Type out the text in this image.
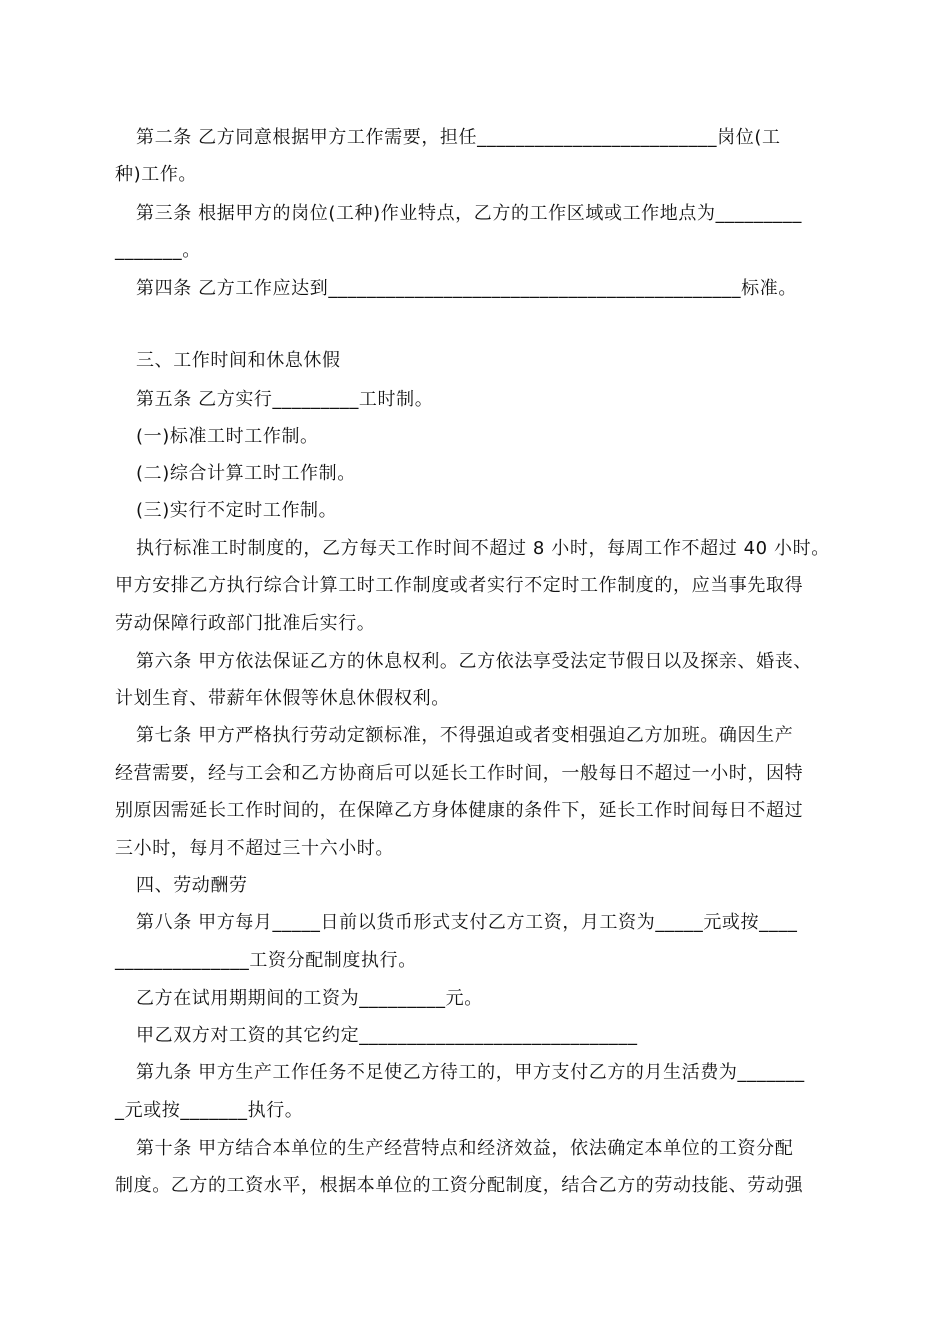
第二条 乙方同意根据甲方工作需要，担任_________________________岗位(工
种)工作。
第三条 根据甲方的岗位(工种)作业特点，乙方的工作区域或工作地点为_________
_______。
第四条 乙方工作应达到___________________________________________标准。
三、工作时间和休息休假
第五条 乙方实行_________工时制。
(一)标准工时工作制。
(二)综合计算工时工作制。
(三)实行不定时工作制。
执行标准工时制度的，乙方每天工作时间不超过 8 小时，每周工作不超过 40 小时。
甲方安排乙方执行综合计算工时工作制度或者实行不定时工作制度的，应当事先取得
劳动保障行政部门批准后实行。
第六条 甲方依法保证乙方的休息权利。乙方依法享受法定节假日以及探亲、婚丧、
计划生育、带薪年休假等休息休假权利。
第七条 甲方严格执行劳动定额标准，不得强迫或者变相强迫乙方加班。确因生产
经营需要，经与工会和乙方协商后可以延长工作时间，一般每日不超过一小时，因特
别原因需延长工作时间的，在保障乙方身体健康的条件下，延长工作时间每日不超过
三小时，每月不超过三十六小时。
四、劳动酬劳
第八条 甲方每月_____日前以货币形式支付乙方工资，月工资为_____元或按____
______________工资分配制度执行。
乙方在试用期期间的工资为_________元。
甲乙双方对工资的其它约定_____________________________
第九条 甲方生产工作任务不足使乙方待工的，甲方支付乙方的月生活费为_______
_元或按_______执行。
第十条 甲方结合本单位的生产经营特点和经济效益，依法确定本单位的工资分配
制度。乙方的工资水平，根据本单位的工资分配制度，结合乙方的劳动技能、劳动强
